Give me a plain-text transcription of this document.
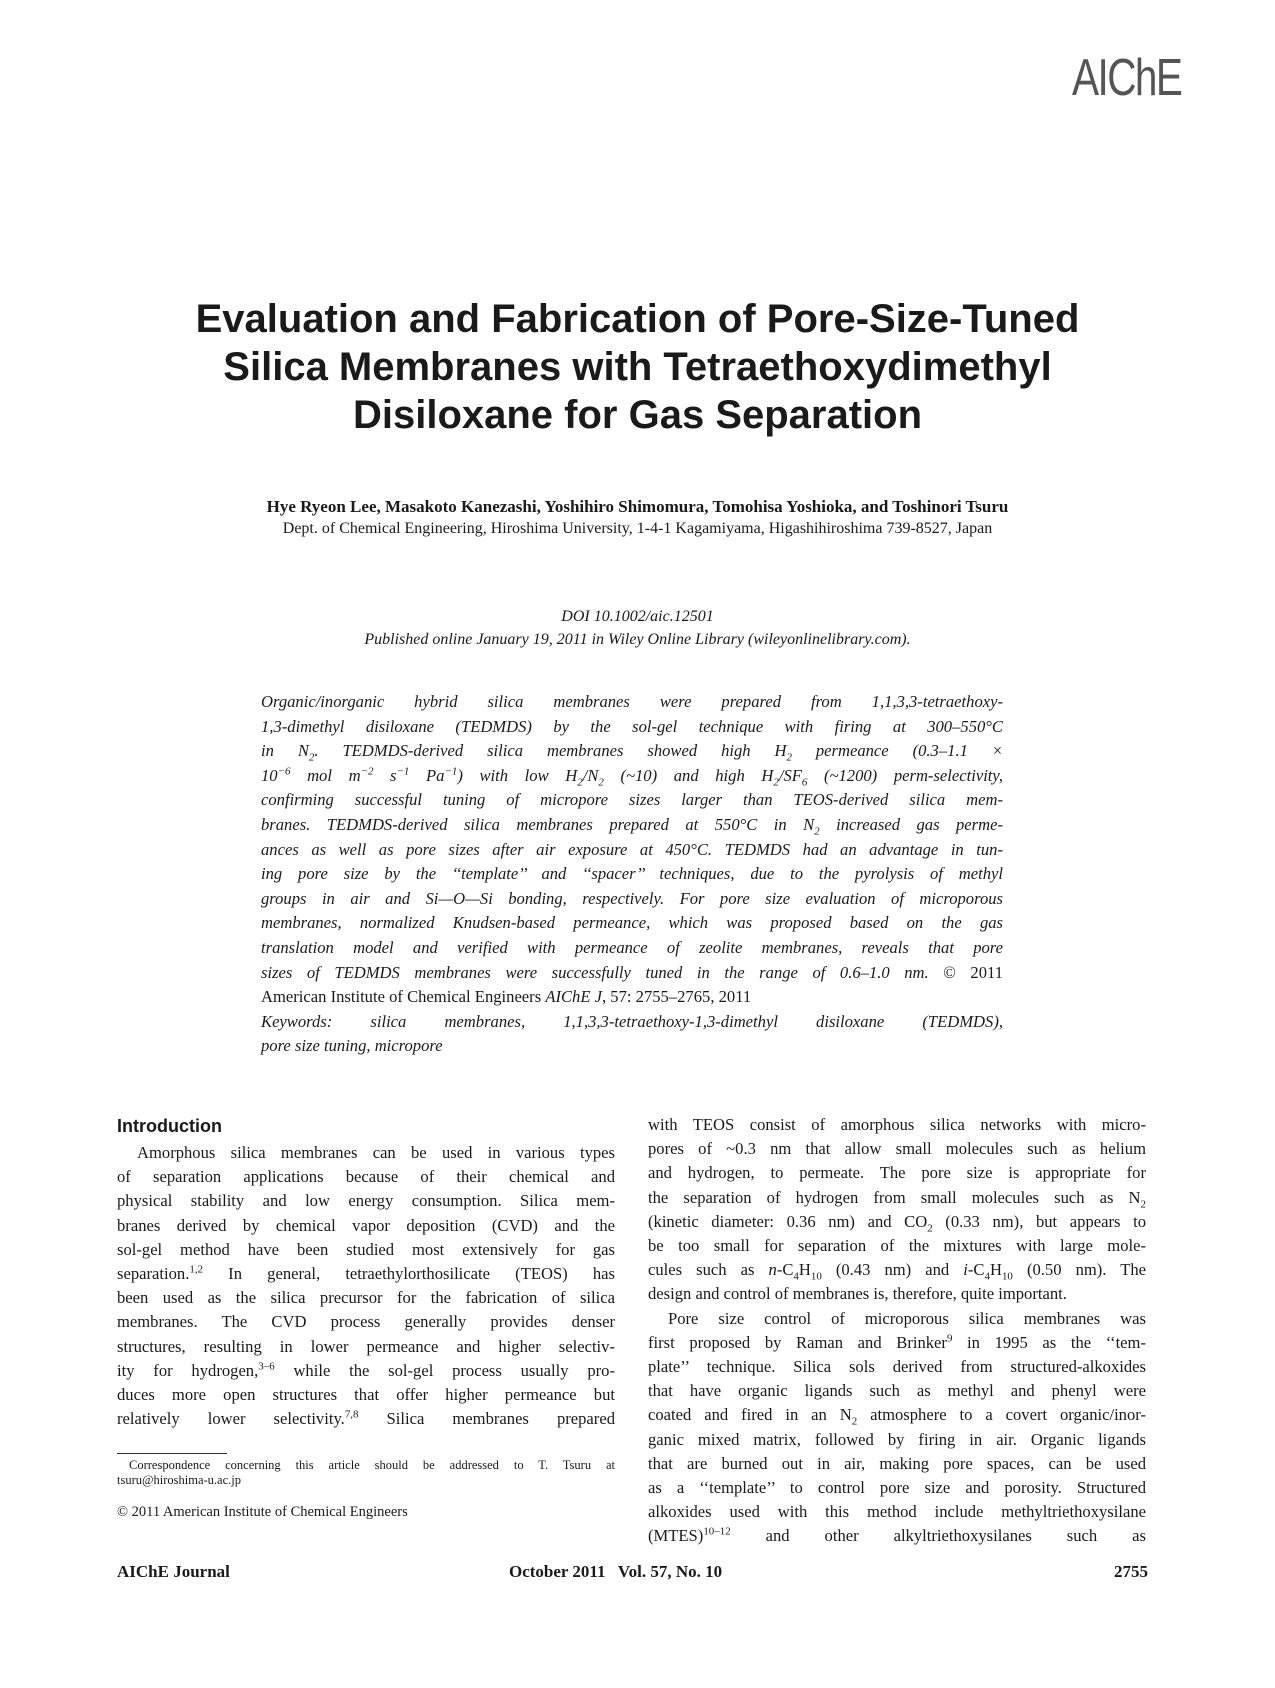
AIChE
Evaluation and Fabrication of Pore-Size-Tuned
Silica Membranes with Tetraethoxydimethyl
Disiloxane for Gas Separation
Hye Ryeon Lee, Masakoto Kanezashi, Yoshihiro Shimomura, Tomohisa Yoshioka, and Toshinori Tsuru
Dept. of Chemical Engineering, Hiroshima University, 1-4-1 Kagamiyama, Higashihiroshima 739-8527, Japan
DOI 10.1002/aic.12501
Published online January 19, 2011 in Wiley Online Library (wileyonlinelibrary.com).
Organic/inorganic hybrid silica membranes were prepared from 1,1,3,3-tetraethoxy-
1,3-dimethyl disiloxane (TEDMDS) by the sol-gel technique with firing at 300–550°C
in $N_2$. TEDMDS-derived silica membranes showed high $H_2$ permeance (0.3–1.1 ×
$10^{-6}$ mol $m^{-2}$ $s^{-1}$ $Pa^{-1}$) with low $H_2/N_2$ (~10) and high $H_2/SF_6$ (~1200) perm-selectivity,
confirming successful tuning of micropore sizes larger than TEOS-derived silica mem-
branes. TEDMDS-derived silica membranes prepared at 550°C in $N_2$ increased gas perme-
ances as well as pore sizes after air exposure at 450°C. TEDMDS had an advantage in tun-
ing pore size by the ‘‘template’’ and ‘‘spacer’’ techniques, due to the pyrolysis of methyl
groups in air and Si—O—Si bonding, respectively. For pore size evaluation of microporous
membranes, normalized Knudsen-based permeance, which was proposed based on the gas
translation model and verified with permeance of zeolite membranes, reveals that pore
sizes of TEDMDS membranes were successfully tuned in the range of 0.6–1.0 nm. © 2011
American Institute of Chemical Engineers AIChE J, 57: 2755–2765, 2011
Keywords: silica membranes, 1,1,3,3-tetraethoxy-1,3-dimethyl disiloxane (TEDMDS),
pore size tuning, micropore
Introduction
Amorphous silica membranes can be used in various types
of separation applications because of their chemical and
physical stability and low energy consumption. Silica mem-
branes derived by chemical vapor deposition (CVD) and the
sol-gel method have been studied most extensively for gas
separation.$^{1,2}$ In general, tetraethylorthosilicate (TEOS) has
been used as the silica precursor for the fabrication of silica
membranes. The CVD process generally provides denser
structures, resulting in lower permeance and higher selectiv-
ity for hydrogen,$^{3-6}$ while the sol-gel process usually pro-
duces more open structures that offer higher permeance but
relatively lower selectivity.$^{7,8}$ Silica membranes prepared
Correspondence concerning this article should be addressed to T. Tsuru at
tsuru@hiroshima-u.ac.jp
© 2011 American Institute of Chemical Engineers
with TEOS consist of amorphous silica networks with micro-
pores of ~0.3 nm that allow small molecules such as helium
and hydrogen, to permeate. The pore size is appropriate for
the separation of hydrogen from small molecules such as $N_2$
(kinetic diameter: 0.36 nm) and $CO_2$ (0.33 nm), but appears to
be too small for separation of the mixtures with large mole-
cules such as $n-C_4H_{10}$ (0.43 nm) and $i-C_4H_{10}$ (0.50 nm). The
design and control of membranes is, therefore, quite important.
Pore size control of microporous silica membranes was
first proposed by Raman and Brinker$^9$ in 1995 as the ‘‘tem-
plate’’ technique. Silica sols derived from structured-alkoxides
that have organic ligands such as methyl and phenyl were
coated and fired in an $N_2$ atmosphere to a covert organic/inor-
ganic mixed matrix, followed by firing in air. Organic ligands
that are burned out in air, making pore spaces, can be used
as a ‘‘template’’ to control pore size and porosity. Structured
alkoxides used with this method include methyltriethoxysilane
(MTES)$^{10-12}$ and other alkyltriethoxysilanes such as
AIChE Journal	October 2011   Vol. 57, No. 10	2755
